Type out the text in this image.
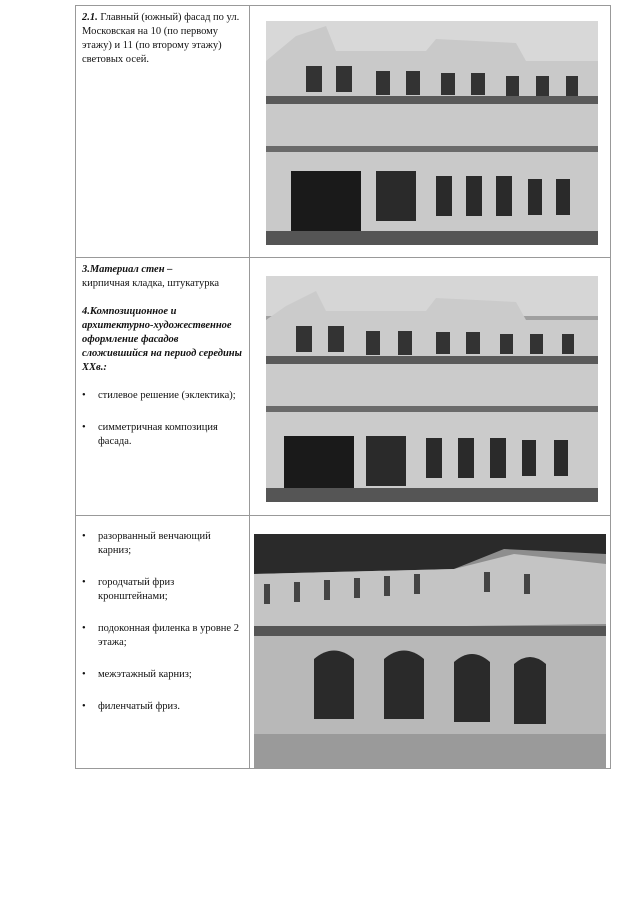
2.1. Главный (южный) фасад по ул. Московская на 10 (по первому этажу) и 11 (по второму этажу) световых осей.

3.Материал стен –

кирпичная кладка, штукатурка

4.Композиционное и архитектурно-художественное оформление фасадов сложившийся на период середины XXв.:

• стилевое решение (эклектика);
• симметричная композиция фасада.
• разорванный венчающий карниз;
• городчатый фриз кронштейнами;
• подоконная филенка в уровне 2 этажа;
• межэтажный карниз;
• филенчатый фриз.
